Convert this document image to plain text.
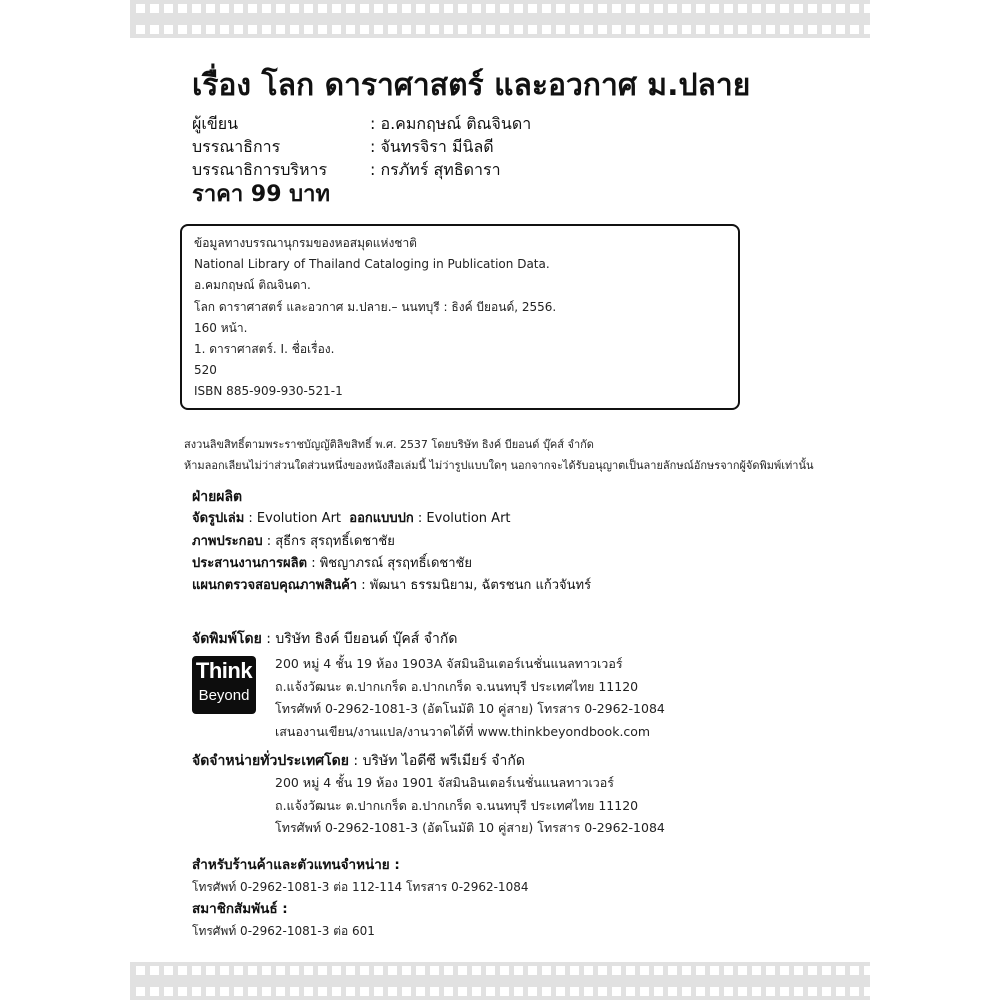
เรื่อง โลก ดาราศาสตร์ และอวกาศ ม.ปลาย
ผู้เขียน	: อ.คมกฤษณ์ ติณจินดา
บรรณาธิการ	: จันทรจิรา มีนิลดี
บรรณาธิการบริหาร	: กรภัทร์ สุทธิดารา
ราคา 99 บาท
ข้อมูลทางบรรณานุกรมของหอสมุดแห่งชาติ
National Library of Thailand Cataloging in Publication Data.
อ.คมกฤษณ์ ติณจินดา.
โลก ดาราศาสตร์ และอวกาศ ม.ปลาย.– นนทบุรี : ธิงค์ บียอนด์, 2556.
160 หน้า.
1. ดาราศาสตร์. I. ชื่อเรื่อง.
520
ISBN 885-909-930-521-1
สงวนลิขสิทธิ์ตามพระราชบัญญัติลิขสิทธิ์ พ.ศ. 2537 โดยบริษัท ธิงค์ บียอนด์ บุ๊คส์ จำกัด
ห้ามลอกเลียนไม่ว่าส่วนใดส่วนหนึ่งของหนังสือเล่มนี้ ไม่ว่ารูปแบบใดๆ นอกจากจะได้รับอนุญาตเป็นลายลักษณ์อักษรจากผู้จัดพิมพ์เท่านั้น
ฝ่ายผลิต
จัดรูปเล่ม : Evolution Art ออกแบบปก : Evolution Art
ภาพประกอบ : สุธีกร สุรฤทธิ์เดชาชัย
ประสานงานการผลิต : พิชญาภรณ์ สุรฤทธิ์เดชาชัย
แผนกตรวจสอบคุณภาพสินค้า : พัฒนา ธรรมนิยาม, ฉัตรชนก แก้วจันทร์
จัดพิมพ์โดย : บริษัท ธิงค์ บียอนด์ บุ๊คส์ จำกัด
Think
Beyond
200 หมู่ 4 ชั้น 19 ห้อง 1903A จัสมินอินเตอร์เนชั่นแนลทาวเวอร์
ถ.แจ้งวัฒนะ ต.ปากเกร็ด อ.ปากเกร็ด จ.นนทบุรี ประเทศไทย 11120
โทรศัพท์ 0-2962-1081-3 (อัตโนมัติ 10 คู่สาย) โทรสาร 0-2962-1084
เสนองานเขียน/งานแปล/งานวาดได้ที่ www.thinkbeyondbook.com
จัดจำหน่ายทั่วประเทศโดย : บริษัท ไอดีซี พรีเมียร์ จำกัด
200 หมู่ 4 ชั้น 19 ห้อง 1901 จัสมินอินเตอร์เนชั่นแนลทาวเวอร์
ถ.แจ้งวัฒนะ ต.ปากเกร็ด อ.ปากเกร็ด จ.นนทบุรี ประเทศไทย 11120
โทรศัพท์ 0-2962-1081-3 (อัตโนมัติ 10 คู่สาย) โทรสาร 0-2962-1084
สำหรับร้านค้าและตัวแทนจำหน่าย :
โทรศัพท์ 0-2962-1081-3 ต่อ 112-114 โทรสาร 0-2962-1084
สมาชิกสัมพันธ์ :
โทรศัพท์ 0-2962-1081-3 ต่อ 601
